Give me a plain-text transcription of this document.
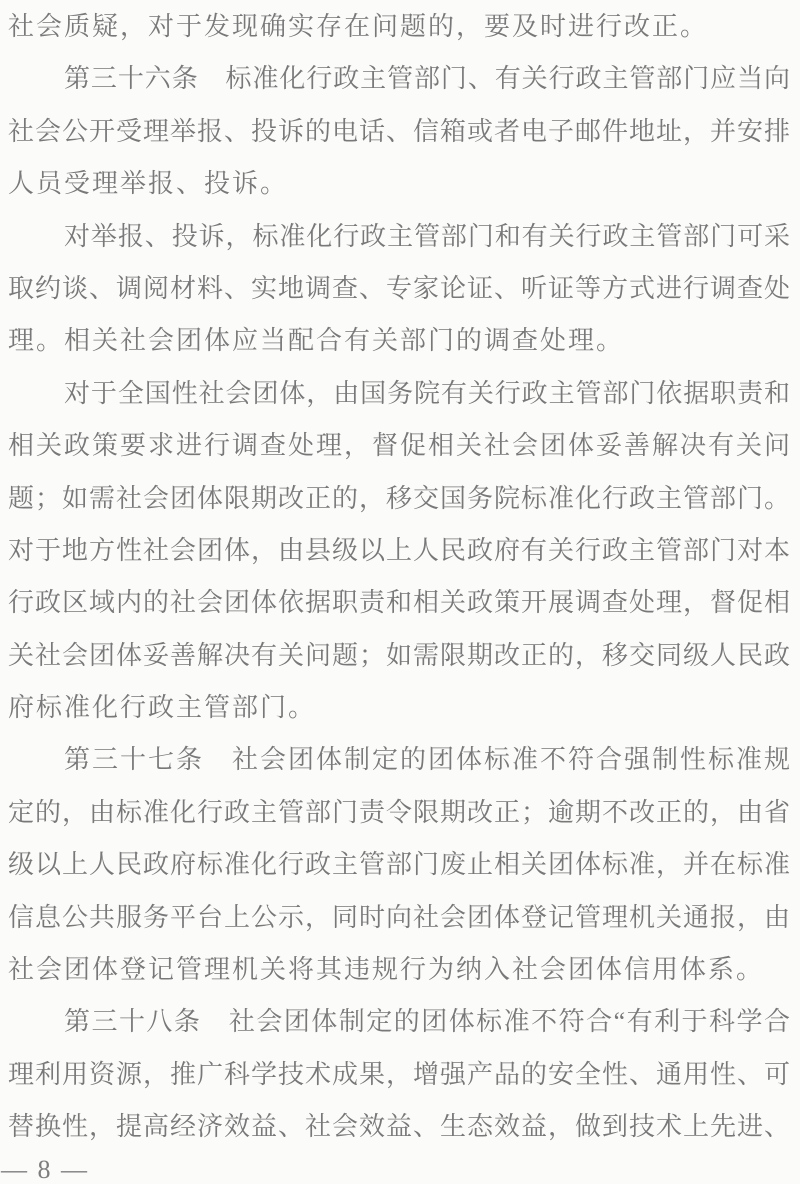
社会质疑，对于发现确实存在问题的，要及时进行改正。
第三十六条　标准化行政主管部门、有关行政主管部门应当向
社会公开受理举报、投诉的电话、信箱或者电子邮件地址，并安排
人员受理举报、投诉。
对举报、投诉，标准化行政主管部门和有关行政主管部门可采
取约谈、调阅材料、实地调查、专家论证、听证等方式进行调查处
理。相关社会团体应当配合有关部门的调查处理。
对于全国性社会团体，由国务院有关行政主管部门依据职责和
相关政策要求进行调查处理，督促相关社会团体妥善解决有关问
题；如需社会团体限期改正的，移交国务院标准化行政主管部门。
对于地方性社会团体，由县级以上人民政府有关行政主管部门对本
行政区域内的社会团体依据职责和相关政策开展调查处理，督促相
关社会团体妥善解决有关问题；如需限期改正的，移交同级人民政
府标准化行政主管部门。
第三十七条　社会团体制定的团体标准不符合强制性标准规
定的，由标准化行政主管部门责令限期改正；逾期不改正的，由省
级以上人民政府标准化行政主管部门废止相关团体标准，并在标准
信息公共服务平台上公示，同时向社会团体登记管理机关通报，由
社会团体登记管理机关将其违规行为纳入社会团体信用体系。
第三十八条　社会团体制定的团体标准不符合“有利于科学合
理利用资源，推广科学技术成果，增强产品的安全性、通用性、可
替换性，提高经济效益、社会效益、生态效益，做到技术上先进、
— 8 —
